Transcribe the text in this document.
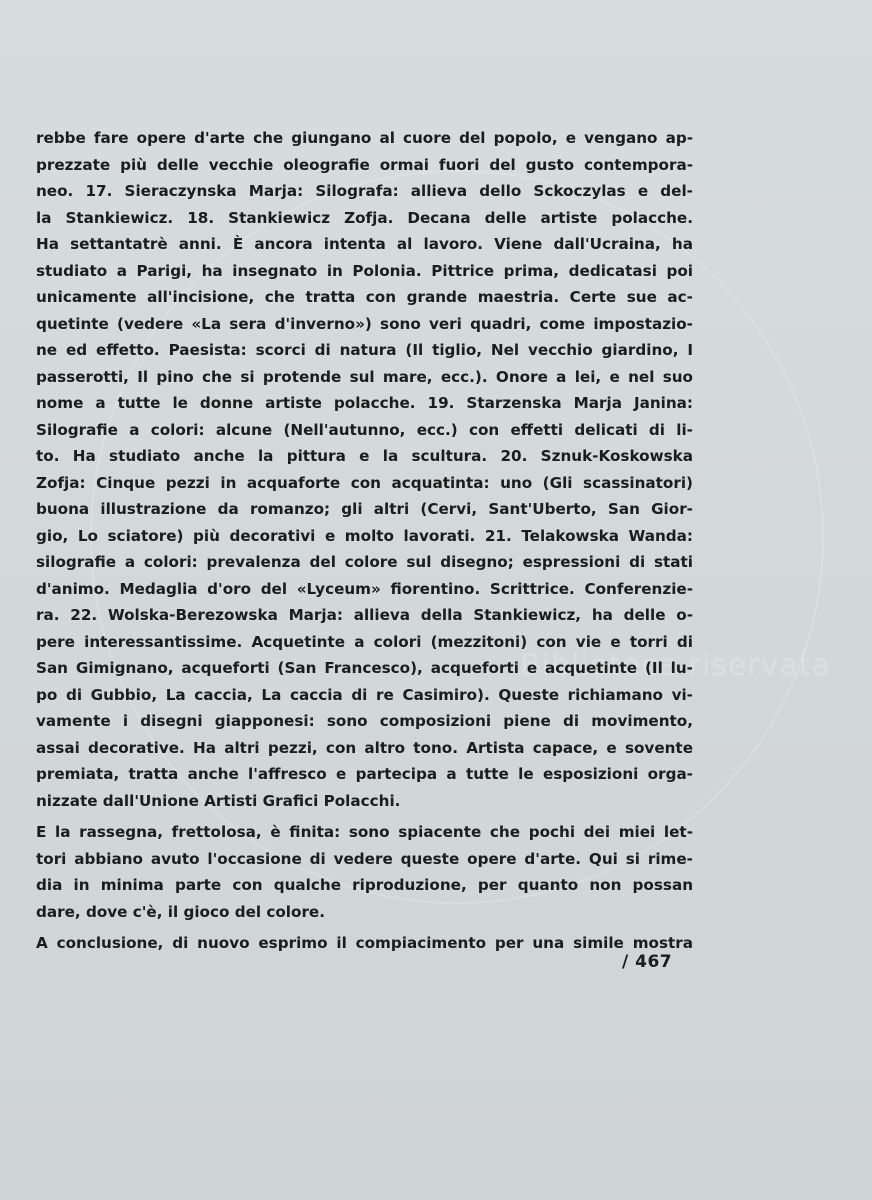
Biblioteca riservata

rebbe fare opere d'arte che giungano al cuore del popolo, e vengano ap-

prezzate più delle vecchie oleografie ormai fuori del gusto contempora-

neo. 17. Sieraczynska Marja: Silografa: allieva dello Sckoczylas e del-

la Stankiewicz. 18. Stankiewicz Zofja. Decana delle artiste polacche.

Ha settantatrè anni. È ancora intenta al lavoro. Viene dall'Ucraina, ha

studiato a Parigi, ha insegnato in Polonia. Pittrice prima, dedicatasi poi

unicamente all'incisione, che tratta con grande maestria. Certe sue ac-

quetinte (vedere «La sera d'inverno») sono veri quadri, come impostazio-

ne ed effetto. Paesista: scorci di natura (Il tiglio, Nel vecchio giardino, I

passerotti, Il pino che si protende sul mare, ecc.). Onore a lei, e nel suo

nome a tutte le donne artiste polacche. 19. Starzenska Marja Janina:

Silografie a colori: alcune (Nell'autunno, ecc.) con effetti delicati di li-

to. Ha studiato anche la pittura e la scultura. 20. Sznuk-Koskowska

Zofja: Cinque pezzi in acquaforte con acquatinta: uno (Gli scassinatori)

buona illustrazione da romanzo; gli altri (Cervi, Sant'Uberto, San Gior-

gio, Lo sciatore) più decorativi e molto lavorati. 21. Telakowska Wanda:

silografie a colori: prevalenza del colore sul disegno; espressioni di stati

d'animo. Medaglia d'oro del «Lyceum» fiorentino. Scrittrice. Conferenzie-

ra. 22. Wolska-Berezowska Marja: allieva della Stankiewicz, ha delle o-

pere interessantissime. Acquetinte a colori (mezzitoni) con vie e torri di

San Gimignano, acqueforti (San Francesco), acqueforti e acquetinte (Il lu-

po di Gubbio, La caccia, La caccia di re Casimiro). Queste richiamano vi-

vamente i disegni giapponesi: sono composizioni piene di movimento,

assai decorative. Ha altri pezzi, con altro tono. Artista capace, e sovente

premiata, tratta anche l'affresco e partecipa a tutte le esposizioni orga-

nizzate dall'Unione Artisti Grafici Polacchi.

E la rassegna, frettolosa, è finita: sono spiacente che pochi dei miei let-

tori abbiano avuto l'occasione di vedere queste opere d'arte. Qui si rime-

dia in minima parte con qualche riproduzione, per quanto non possan

dare, dove c'è, il gioco del colore.

A conclusione, di nuovo esprimo il compiacimento per una simile mostra

/ 467
